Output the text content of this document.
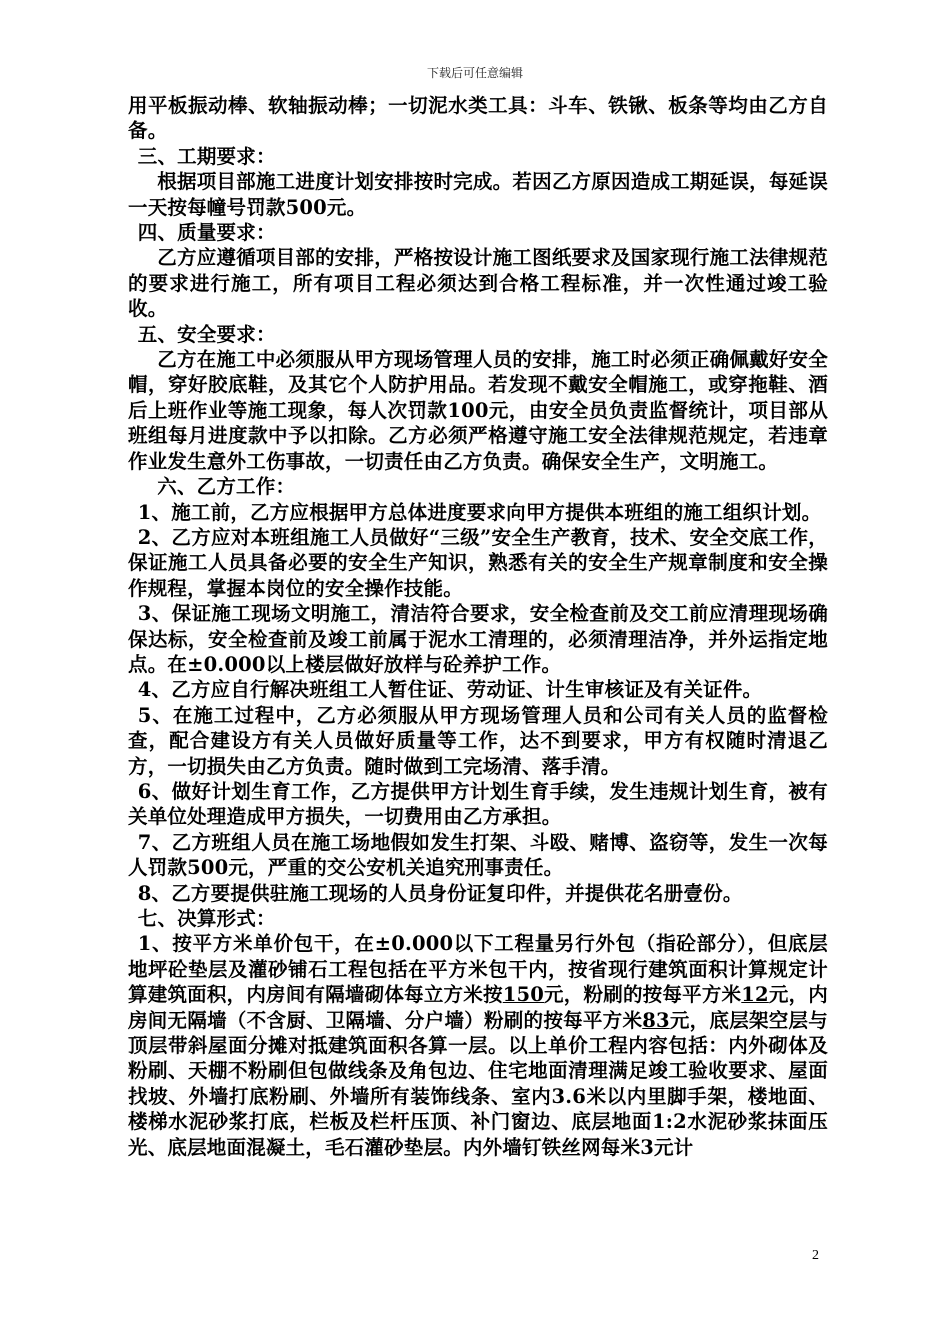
下载后可任意编辑

用平板振动棒、软轴振动棒；一切泥水类工具：斗车、铁锹、板条等均由乙方自备。

三、工期要求：

根据项目部施工进度计划安排按时完成。若因乙方原因造成工期延误，每延误一天按每幢号罚款500元。

四、质量要求：

乙方应遵循项目部的安排，严格按设计施工图纸要求及国家现行施工法律规范的要求进行施工，所有项目工程必须达到合格工程标准，并一次性通过竣工验收。

五、安全要求：

乙方在施工中必须服从甲方现场管理人员的安排，施工时必须正确佩戴好安全帽，穿好胶底鞋，及其它个人防护用品。若发现不戴安全帽施工，或穿拖鞋、酒后上班作业等施工现象，每人次罚款100元，由安全员负责监督统计，项目部从班组每月进度款中予以扣除。乙方必须严格遵守施工安全法律规范规定，若违章作业发生意外工伤事故，一切责任由乙方负责。确保安全生产，文明施工。

六、乙方工作：

1、施工前，乙方应根据甲方总体进度要求向甲方提供本班组的施工组织计划。

2、乙方应对本班组施工人员做好“三级”安全生产教育，技术、安全交底工作，保证施工人员具备必要的安全生产知识，熟悉有关的安全生产规章制度和安全操作规程，掌握本岗位的安全操作技能。

3、保证施工现场文明施工，清洁符合要求，安全检查前及交工前应清理现场确保达标，安全检查前及竣工前属于泥水工清理的，必须清理洁净，并外运指定地点。在±0.000以上楼层做好放样与砼养护工作。

4、乙方应自行解决班组工人暂住证、劳动证、计生审核证及有关证件。

5、在施工过程中，乙方必须服从甲方现场管理人员和公司有关人员的监督检查，配合建设方有关人员做好质量等工作，达不到要求，甲方有权随时清退乙方，一切损失由乙方负责。随时做到工完场清、落手清。

6、做好计划生育工作，乙方提供甲方计划生育手续，发生违规计划生育，被有关单位处理造成甲方损失，一切费用由乙方承担。

7、乙方班组人员在施工场地假如发生打架、斗殴、赌博、盗窃等，发生一次每人罚款500元，严重的交公安机关追究刑事责任。

8、乙方要提供驻施工现场的人员身份证复印件，并提供花名册壹份。

七、决算形式：

1、按平方米单价包干，在±0.000以下工程量另行外包（指砼部分），但底层地坪砼垫层及灌砂铺石工程包括在平方米包干内，按省现行建筑面积计算规定计算建筑面积，内房间有隔墙砌体每立方米按150元，粉刷的按每平方米12元，内房间无隔墙（不含厨、卫隔墙、分户墙）粉刷的按每平方米83元，底层架空层与顶层带斜屋面分摊对抵建筑面积各算一层。以上单价工程内容包括：内外砌体及粉刷、天棚不粉刷但包做线条及角包边、住宅地面清理满足竣工验收要求、屋面找坡、外墙打底粉刷、外墙所有装饰线条、室内3.6米以内里脚手架，楼地面、楼梯水泥砂浆打底，栏板及栏杆压顶、补门窗边、底层地面1:2水泥砂浆抹面压光、底层地面混凝土，毛石灌砂垫层。内外墙钉铁丝网每米3元计

2
